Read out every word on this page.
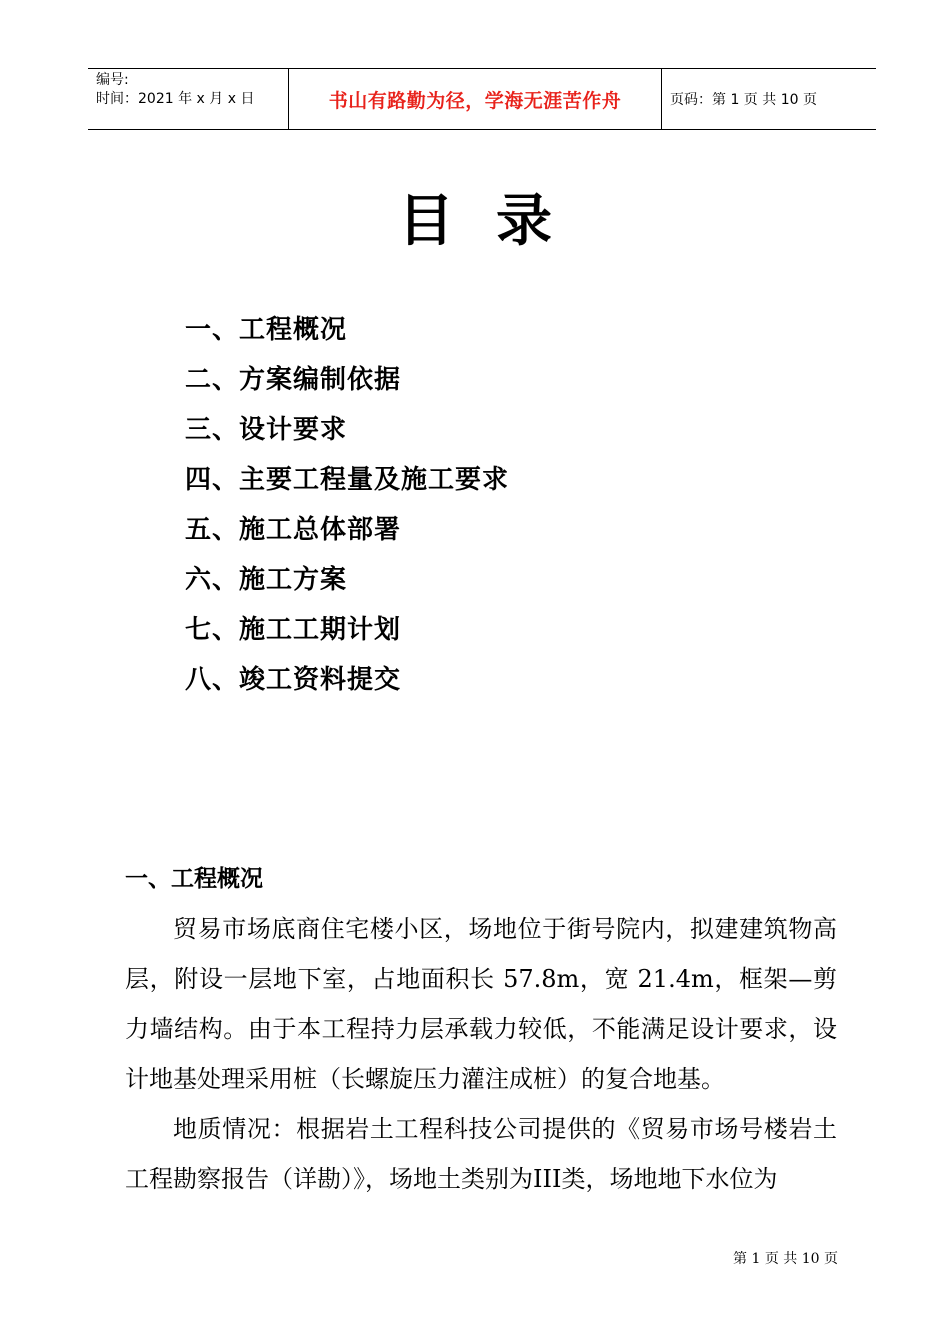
编号:
时间：2021 年 x 月 x 日	书山有路勤为径，学海无涯苦作舟	页码：第 1 页 共 10 页
目录
一、工程概况
二、方案编制依据
三、设计要求
四、主要工程量及施工要求
五、施工总体部署
六、施工方案
七、施工工期计划
八、竣工资料提交
一、工程概况

贸易市场底商住宅楼小区，场地位于街号院内，拟建建筑物高层，附设一层地下室，占地面积长 57.8m，宽 21.4m，框架—剪力墙结构。由于本工程持力层承载力较低，不能满足设计要求，设计地基处理采用桩（长螺旋压力灌注成桩）的复合地基。

地质情况：根据岩土工程科技公司提供的《贸易市场号楼岩土工程勘察报告（详勘）》，场地土类别为III类，场地地下水位为

第 1 页 共 10 页
